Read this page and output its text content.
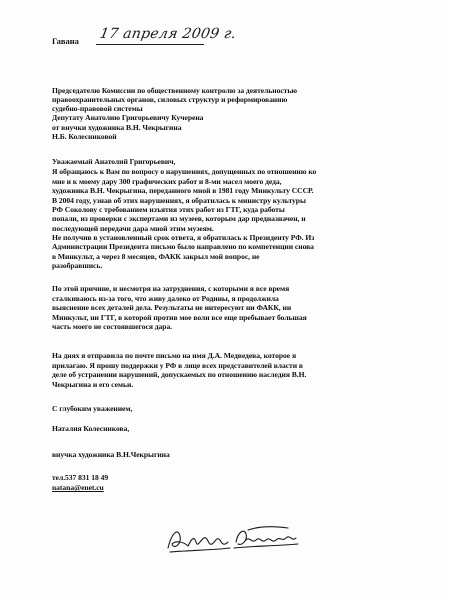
Гавана 17 апреля 2009 г.
Председателю Комиссии по общественному контролю за деятельностью
правоохранительных органов, силовых структур и реформированию
судебно-правовой системы
Депутату Анатолию Григорьевичу Кучерена
от внучки художника В.Н. Чекрыгина
Н.Б. Колесниковой
Уважаемый Анатолий Григорьевич,
Я обращаюсь к Вам по вопросу о нарушениях, допущенных по отношению ко
мне и к моему дару 300 графических работ и 8-ми масел моего деда,
художника В.Н. Чекрыгина, переданного мной в 1981 году Минкульту СССР.
В 2004 году, узнав об этих нарушениях, я обратилась к министру культуры
РФ Соколову с требованием изъятия этих работ из ГТГ, куда работы
попали, из проверки с экспертами из музеев, которым дар предназначен, и
последующей передачи дара мной этим музеям.
Не получив в установленный срок ответа, я обратилась к Президенту РФ. Из
Администрации Президента письмо было направлено по компетенции снова
в Минкульт, а через 8 месяцев, ФАКК закрыл мой вопрос, не
разобравшись.
По этой причине, и несмотря на затруднения, с которыми я все время
сталкиваюсь из-за того, что живу далеко от Родины, я продолжила
выяснение всех деталей дела. Результаты не интересуют ни ФАКК, ни
Минкульт, ни ГТГ, в которой против мое воли все еще пребывает большая
часть моего не состоявшегося дара.
На днях я отправила по почте письмо на имя Д.А. Медведева, которое я
прилагаю. Я прошу поддержки у РФ в лице всех представителей власти в
деле об устранении нарушений, допускаемых по отношению наследия В.Н.
Чекрыгина и его семьи.
С глубоким уважением,
Наталия Колесникова,
внучка художника В.Н.Чекрыгина
тел.537 831 18 49
natana@enet.cu
